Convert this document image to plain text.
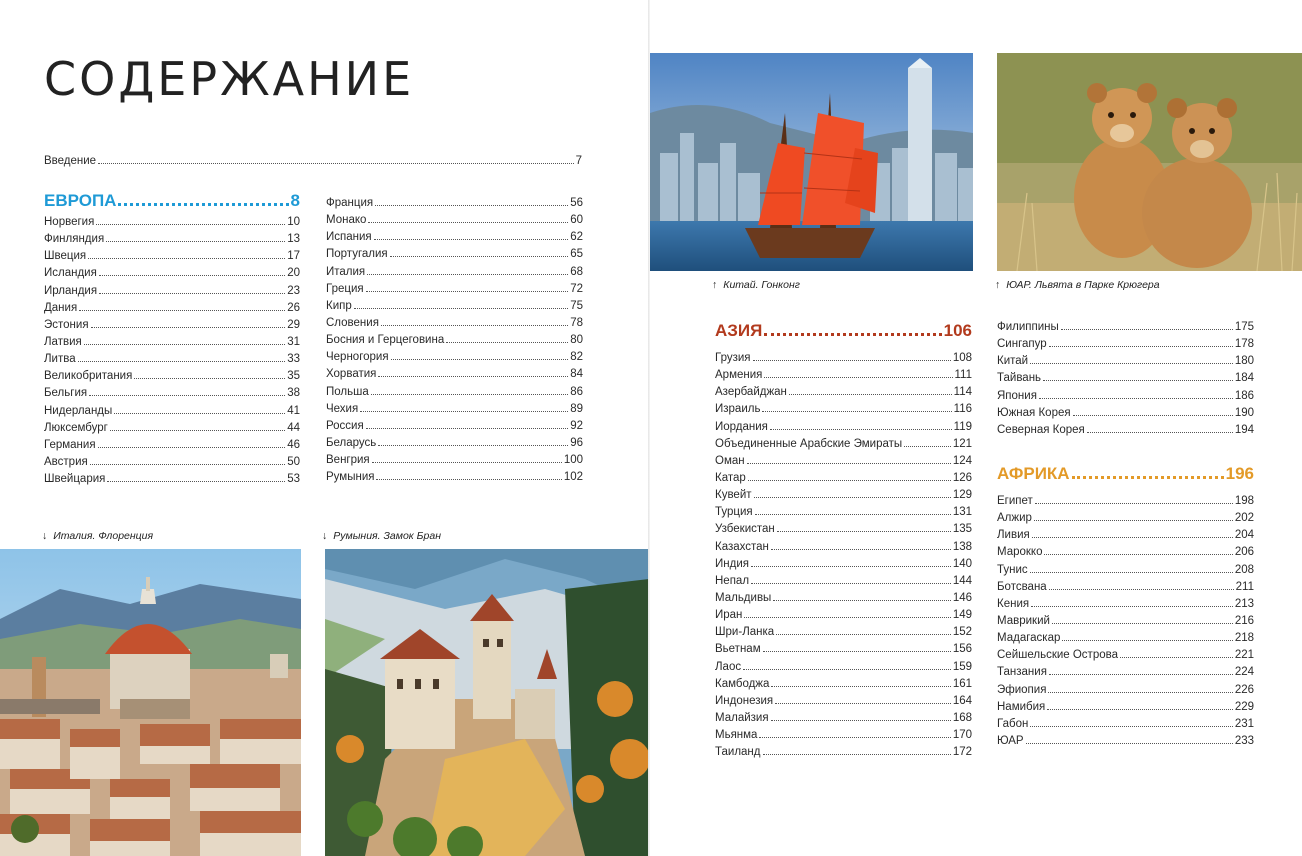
СОДЕРЖАНИЕ
Введение	7
ЕВРОПА	8
Норвегия	10
Финляндия	13
Швеция	17
Исландия	20
Ирландия	23
Дания	26
Эстония	29
Латвия	31
Литва	33
Великобритания	35
Бельгия	38
Нидерланды	41
Люксембург	44
Германия	46
Австрия	50
Швейцария	53
Франция	56
Монако	60
Испания	62
Португалия	65
Италия	68
Греция	72
Кипр	75
Словения	78
Босния и Герцеговина	80
Черногория	82
Хорватия	84
Польша	86
Чехия	89
Россия	92
Беларусь	96
Венгрия	100
Румыния	102
↓ Италия. Флоренция	↓ Румыния. Замок Бран
↑ Китай. Гонконг	↑ ЮАР. Львята в Парке Крюгера
АЗИЯ	106
Грузия	108
Армения	111
Азербайджан	114
Израиль	116
Иордания	119
Объединенные Арабские Эмираты	121
Оман	124
Катар	126
Кувейт	129
Турция	131
Узбекистан	135
Казахстан	138
Индия	140
Непал	144
Мальдивы	146
Иран	149
Шри-Ланка	152
Вьетнам	156
Лаос	159
Камбоджа	161
Индонезия	164
Малайзия	168
Мьянма	170
Таиланд	172
Филиппины	175
Сингапур	178
Китай	180
Тайвань	184
Япония	186
Южная Корея	190
Северная Корея	194
АФРИКА	196
Египет	198
Алжир	202
Ливия	204
Марокко	206
Тунис	208
Ботсвана	211
Кения	213
Маврикий	216
Мадагаскар	218
Сейшельские Острова	221
Танзания	224
Эфиопия	226
Намибия	229
Габон	231
ЮАР	233
